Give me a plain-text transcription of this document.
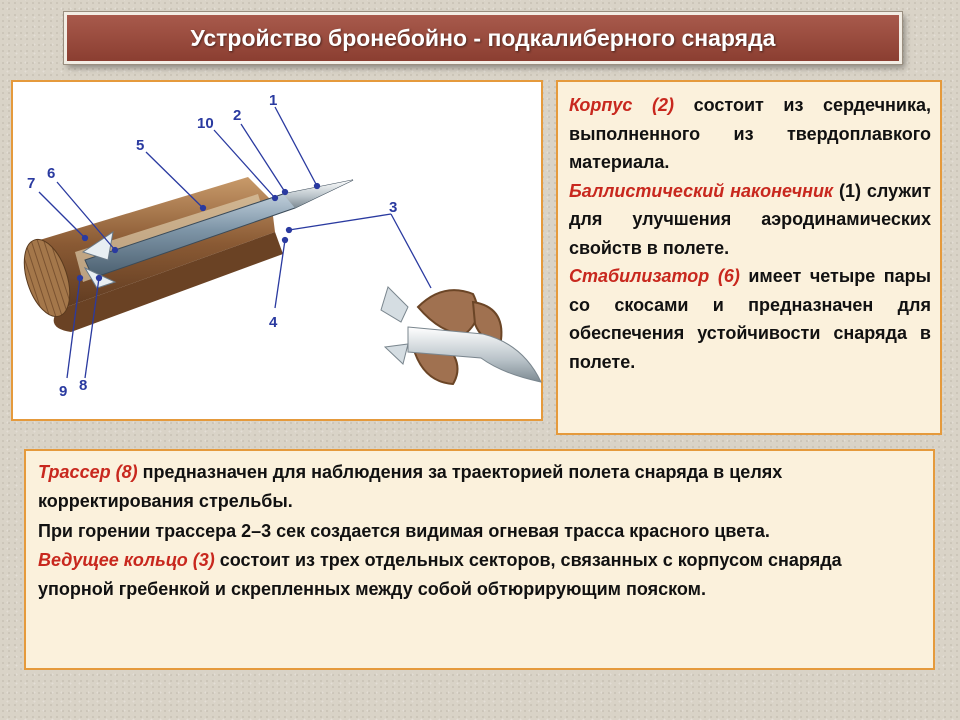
Устройство бронебойно - подкалиберного снаряда
1
2
10
5
6
7
3
4
9 8

Корпус (2) состоит из сердечника, выполненного из твердоплавкого материала.

Баллистический наконечник (1) служит для улучшения аэродинамических свойств в полете.

Стабилизатор (6) имеет четыре пары со скосами и предназначен для обеспечения устойчивости снаряда в полете.

Трассер (8) предназначен для наблюдения за траекторией полета снаряда в целях корректирования стрельбы.

При горении трассера 2–3 сек создается видимая огневая трасса красного цвета.

Ведущее кольцо (3) состоит из трех отдельных секторов, связанных с корпусом снаряда упорной гребенкой и скрепленных между собой обтюрирующим пояском.
